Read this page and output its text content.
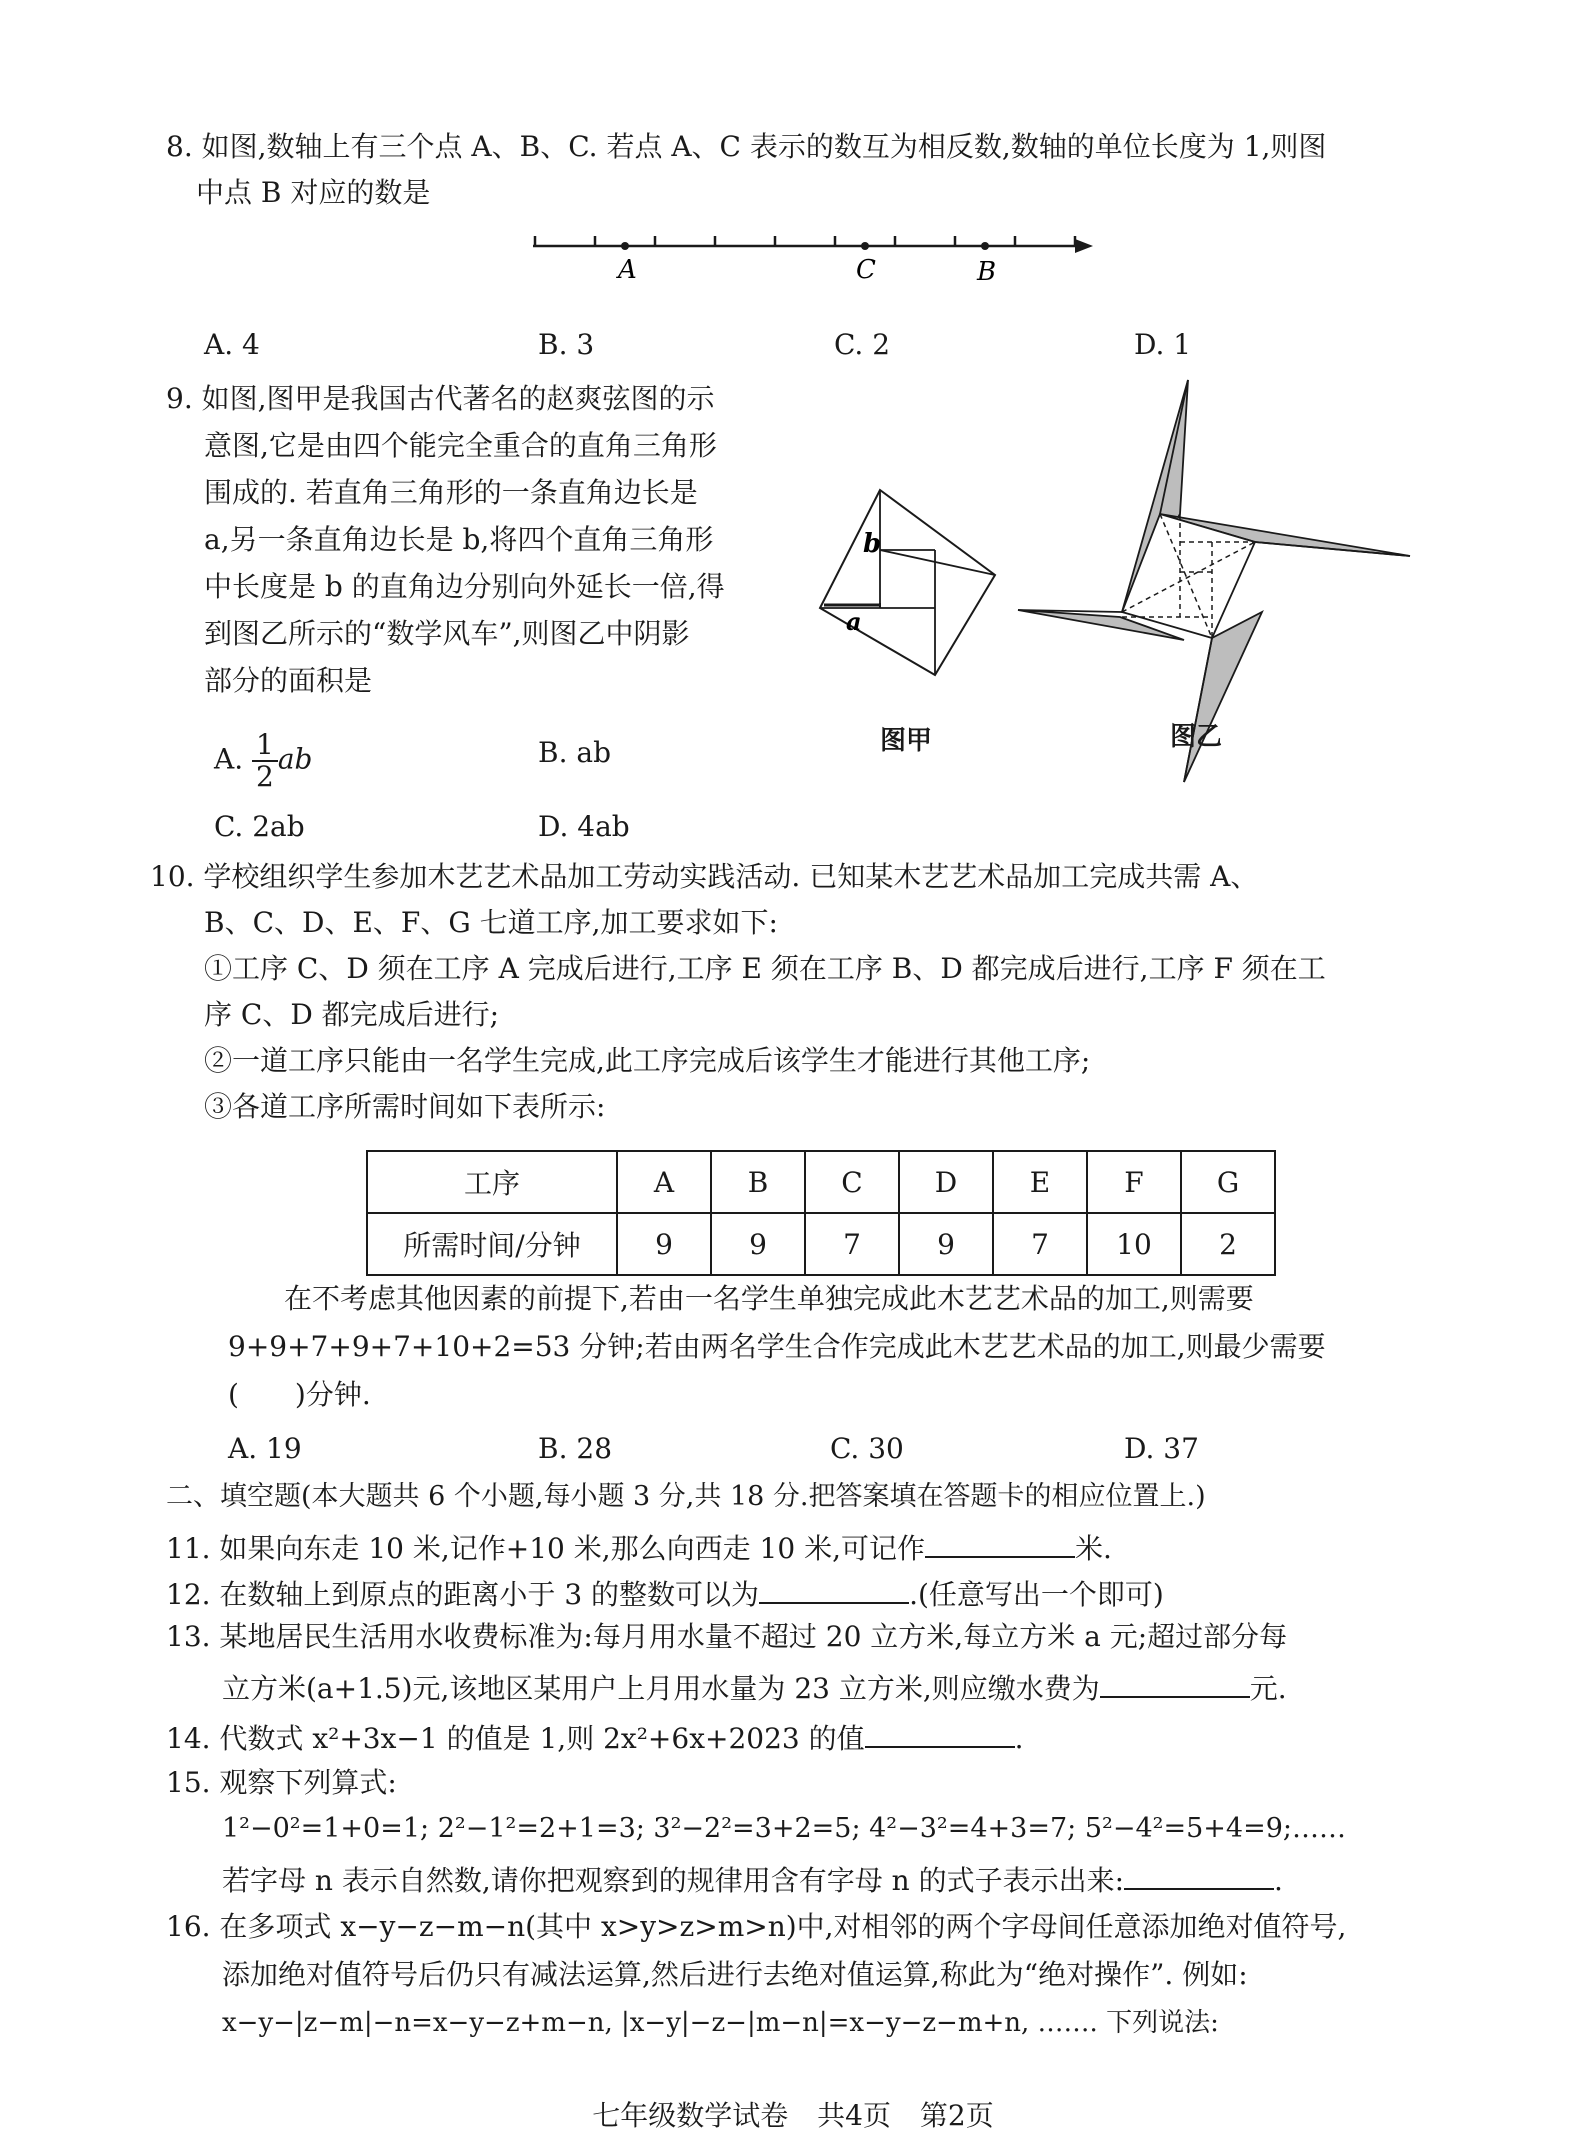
8. 如图,数轴上有三个点 A、B、C. 若点 A、C 表示的数互为相反数,数轴的单位长度为 1,则图
中点 B 对应的数是
A	C	B
A. 4	B. 3	C. 2	D. 1
9. 如图,图甲是我国古代著名的赵爽弦图的示
意图,它是由四个能完全重合的直角三角形
围成的. 若直角三角形的一条直角边长是
a,另一条直角边长是 b,将四个直角三角形
中长度是 b 的直角边分别向外延长一倍,得
到图乙所示的“数学风车”,则图乙中阴影
部分的面积是
b
a
图甲	图乙
A. $\frac{1}{2}$ ab	B. ab
C. 2ab	D. 4ab
10. 学校组织学生参加木艺艺术品加工劳动实践活动. 已知某木艺艺术品加工完成共需 A、
B、C、D、E、F、G 七道工序,加工要求如下:
①工序 C、D 须在工序 A 完成后进行,工序 E 须在工序 B、D 都完成后进行,工序 F 须在工
序 C、D 都完成后进行;
②一道工序只能由一名学生完成,此工序完成后该学生才能进行其他工序;
③各道工序所需时间如下表所示:
工序	A	B	C	D	E	F	G
所需时间/分钟	9	9	7	9	7	10	2
在不考虑其他因素的前提下,若由一名学生单独完成此木艺艺术品的加工,则需要
9+9+7+9+7+10+2=53 分钟;若由两名学生合作完成此木艺艺术品的加工,则最少需要
(　　)分钟.
A. 19	B. 28	C. 30	D. 37
二、填空题(本大题共 6 个小题,每小题 3 分,共 18 分.把答案填在答题卡的相应位置上.)
11. 如果向东走 10 米,记作+10 米,那么向西走 10 米,可记作	米.
12. 在数轴上到原点的距离小于 3 的整数可以为	.(任意写出一个即可)
13. 某地居民生活用水收费标准为:每月用水量不超过 20 立方米,每立方米 a 元;超过部分每
立方米(a+1.5)元,该地区某用户上月用水量为 23 立方米,则应缴水费为	元.
14. 代数式 x²+3x−1 的值是 1,则 2x²+6x+2023 的值	.
15. 观察下列算式:
1²−0²=1+0=1; 2²−1²=2+1=3; 3²−2²=3+2=5; 4²−3²=4+3=7; 5²−4²=5+4=9;……
若字母 n 表示自然数,请你把观察到的规律用含有字母 n 的式子表示出来:	.
16. 在多项式 x−y−z−m−n(其中 x>y>z>m>n)中,对相邻的两个字母间任意添加绝对值符号,
添加绝对值符号后仍只有减法运算,然后进行去绝对值运算,称此为“绝对操作”. 例如:
x−y−|z−m|−n=x−y−z+m−n, |x−y|−z−|m−n|=x−y−z−m+n, ……. 下列说法:
七年级数学试卷 共4页 第2页
